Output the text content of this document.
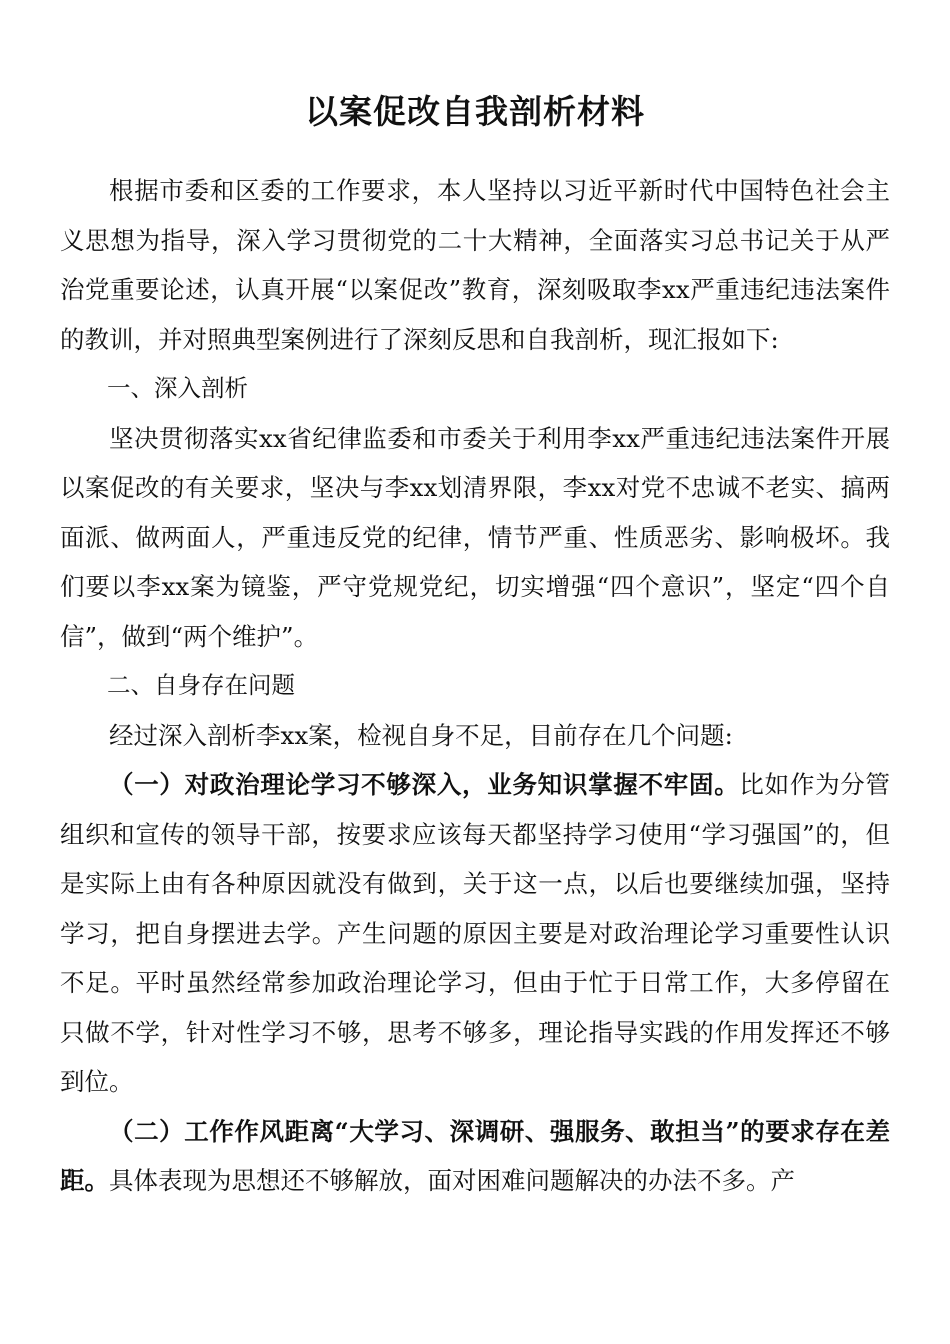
以案促改自我剖析材料

根据市委和区委的工作要求，本人坚持以习近平新时代中国特色社会主义思想为指导，深入学习贯彻党的二十大精神，全面落实习总书记关于从严治党重要论述，认真开展“以案促改”教育，深刻吸取李xx严重违纪违法案件的教训，并对照典型案例进行了深刻反思和自我剖析，现汇报如下:

一、深入剖析

坚决贯彻落实xx省纪律监委和市委关于利用李xx严重违纪违法案件开展以案促改的有关要求，坚决与李xx划清界限，李xx对党不忠诚不老实、搞两面派、做两面人，严重违反党的纪律，情节严重、性质恶劣、影响极坏。我们要以李xx案为镜鉴，严守党规党纪，切实增强“四个意识”，坚定“四个自信”，做到“两个维护”。

二、自身存在问题

经过深入剖析李xx案，检视自身不足，目前存在几个问题:

（一）对政治理论学习不够深入，业务知识掌握不牢固。比如作为分管组织和宣传的领导干部，按要求应该每天都坚持学习使用“学习强国”的，但是实际上由有各种原因就没有做到，关于这一点，以后也要继续加强，坚持学习，把自身摆进去学。产生问题的原因主要是对政治理论学习重要性认识不足。平时虽然经常参加政治理论学习，但由于忙于日常工作，大多停留在只做不学，针对性学习不够，思考不够多，理论指导实践的作用发挥还不够到位。

（二）工作作风距离“大学习、深调研、强服务、敢担当”的要求存在差距。具体表现为思想还不够解放，面对困难问题解决的办法不多。产
